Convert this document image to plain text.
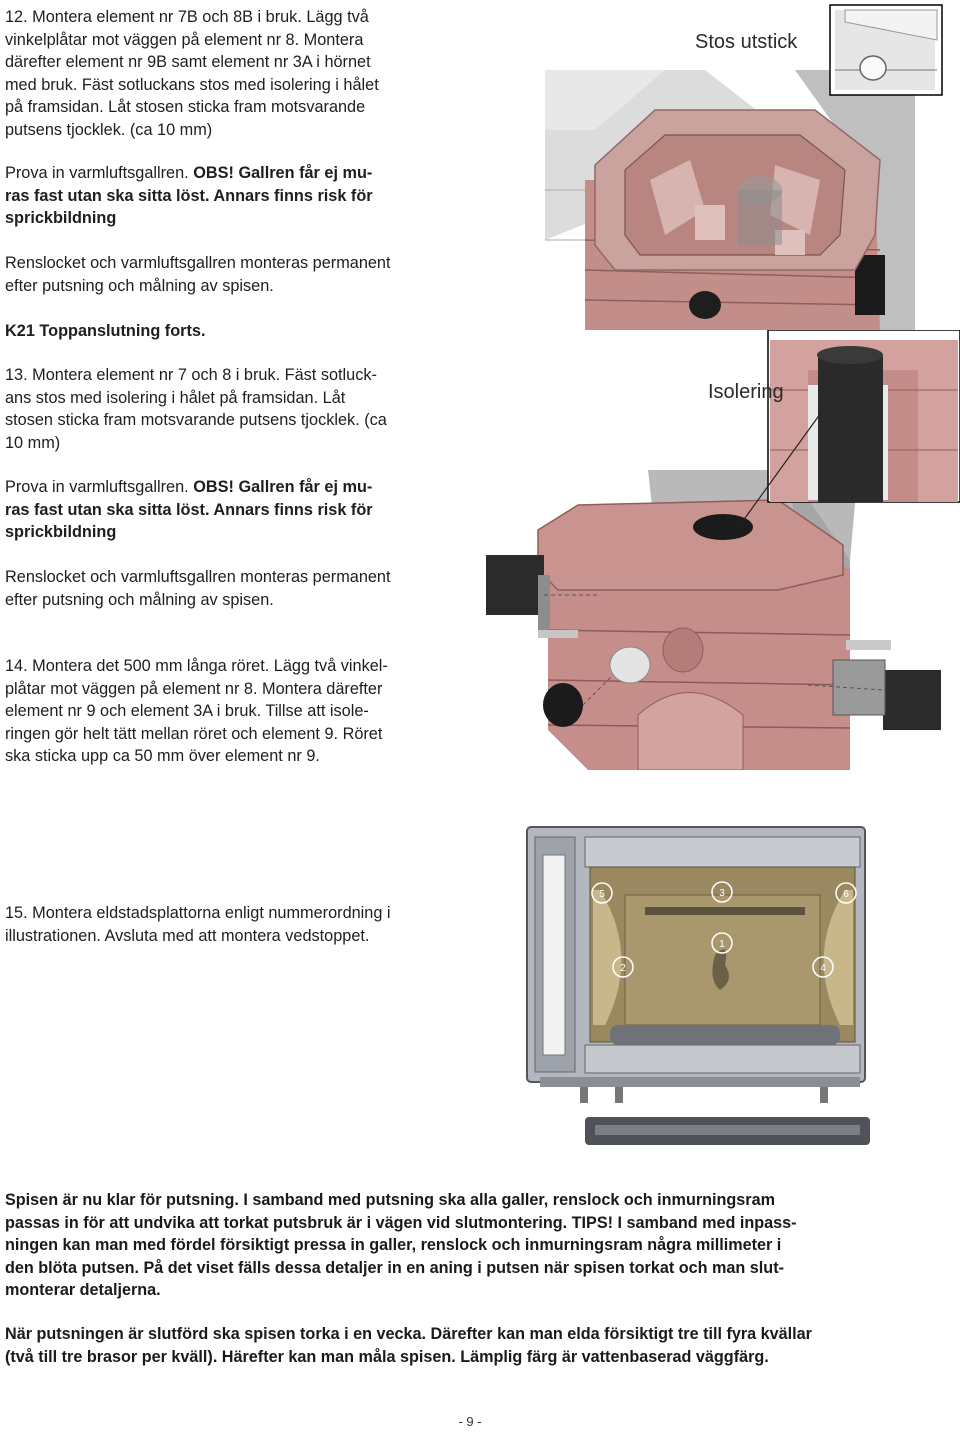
12. Montera element nr 7B och 8B i bruk. Lägg två
vinkelplåtar mot väggen på element nr 8. Montera
därefter element nr 9B samt element nr 3A i hörnet
med bruk. Fäst sotluckans stos med isolering i hålet
på framsidan. Låt stosen sticka fram motsvarande
putsens tjocklek. (ca 10 mm)
Prova in varmluftsgallren. OBS! Gallren får ej mu-
ras fast utan ska sitta löst. Annars finns risk för
sprickbildning
Renslocket och varmluftsgallren monteras permanent
efter putsning och målning av spisen.
K21 Toppanslutning forts.
13. Montera element nr 7 och 8 i bruk. Fäst sotluck-
ans stos med isolering i hålet på framsidan. Låt
stosen sticka fram motsvarande putsens tjocklek. (ca
10 mm)
Prova in varmluftsgallren. OBS! Gallren får ej mu-
ras fast utan ska sitta löst. Annars finns risk för
sprickbildning
Renslocket och varmluftsgallren monteras permanent
efter putsning och målning av spisen.
14. Montera det 500 mm långa röret. Lägg två vinkel-
plåtar mot väggen på element nr 8. Montera därefter
element nr 9 och element 3A i bruk. Tillse att isole-
ringen gör helt tätt mellan röret och element 9. Röret
ska sticka upp ca 50 mm över element nr 9.
15. Montera eldstadsplattorna enligt nummerordning i
illustrationen. Avsluta med att montera vedstoppet.
Stos utstick
Isolering
1
2
3
4
5	6
Spisen är nu klar för putsning. I samband med putsning ska alla galler, renslock och inmurningsram
passas in för att undvika att torkat putsbruk är i vägen vid slutmontering. TIPS! I samband med inpass-
ningen kan man med fördel försiktigt pressa in galler, renslock och inmurningsram några millimeter i
den blöta putsen. På det viset fälls dessa detaljer in en aning i putsen när spisen torkat och man slut-
monterar detaljerna.
När putsningen är slutförd ska spisen torka i en vecka. Därefter kan man elda försiktigt tre till fyra kvällar
(två till tre brasor per kväll). Härefter kan man måla spisen. Lämplig färg är vattenbaserad väggfärg.
- 9 -
